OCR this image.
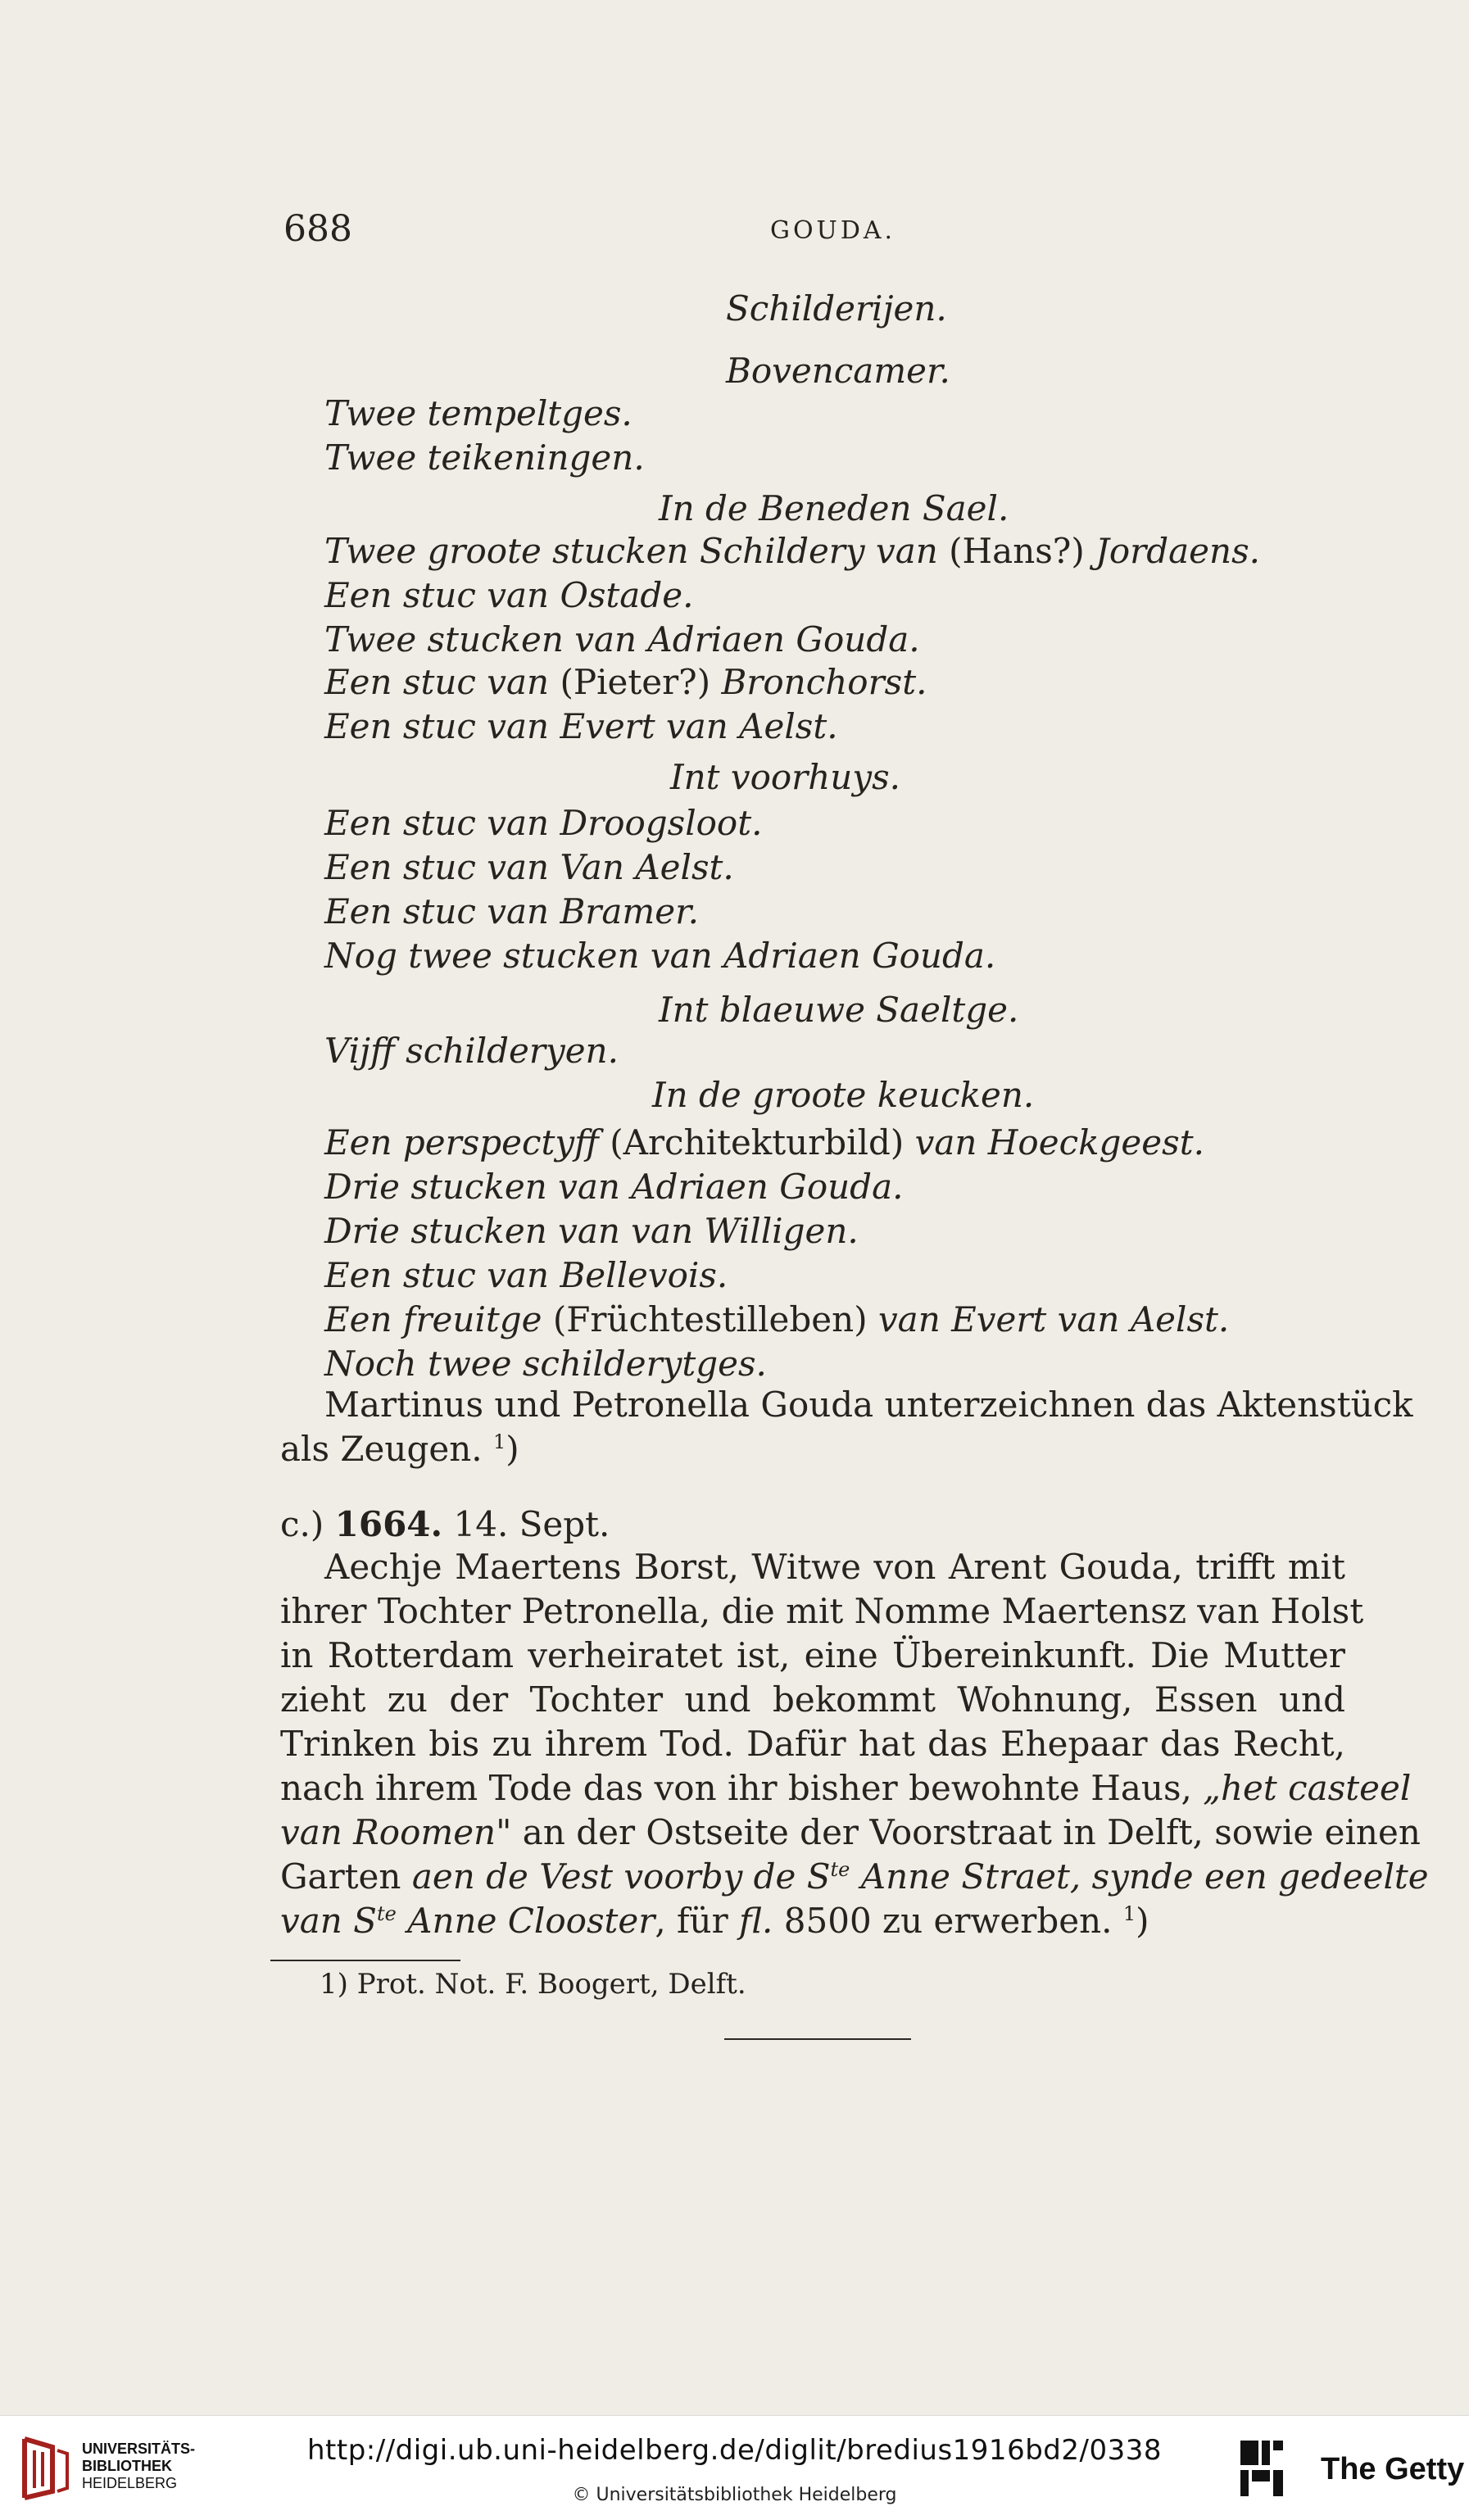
688	GOUDA.
Schilderijen.
Bovencamer.
Twee tempeltges.
Twee teikeningen.
In de Beneden Sael.
Twee groote stucken Schildery van (Hans?) Jordaens.
Een stuc van Ostade.
Twee stucken van Adriaen Gouda.
Een stuc van (Pieter?) Bronchorst.
Een stuc van Evert van Aelst.
Int voorhuys.
Een stuc van Droogsloot.
Een stuc van Van Aelst.
Een stuc van Bramer.
Nog twee stucken van Adriaen Gouda.
Int blaeuwe Saeltge.
Vijff schilderyen.
In de groote keucken.
Een perspectyff (Architekturbild) van Hoeckgeest.
Drie stucken van Adriaen Gouda.
Drie stucken van van Willigen.
Een stuc van Bellevois.
Een freuitge (Früchtestilleben) van Evert van Aelst.
Noch twee schilderytges.
Martinus und Petronella Gouda unterzeichnen das Aktenstück
als Zeugen. $^1$)
c.) 1664. 14. Sept.
Aechje Maertens Borst, Witwe von Arent Gouda, trifft mit
ihrer Tochter Petronella, die mit Nomme Maertensz van Holst
in Rotterdam verheiratet ist, eine Übereinkunft. Die Mutter
zieht zu der Tochter und bekommt Wohnung, Essen und
Trinken bis zu ihrem Tod. Dafür hat das Ehepaar das Recht,
nach ihrem Tode das von ihr bisher bewohnte Haus, „het casteel
van Roomen" an der Ostseite der Voorstraat in Delft, sowie einen
Garten aen de Vest voorby de $S^{te}$ Anne Straet, synde een gedeelte
van $S^{te}$ Anne Clooster, für fl. 8500 zu erwerben. $^1$)
1) Prot. Not. F. Boogert, Delft.
UNIVERSITÄTS-
BIBLIOTHEK
HEIDELBERG
http://digi.ub.uni-heidelberg.de/diglit/bredius1916bd2/0338
© Universitätsbibliothek Heidelberg
The Getty
